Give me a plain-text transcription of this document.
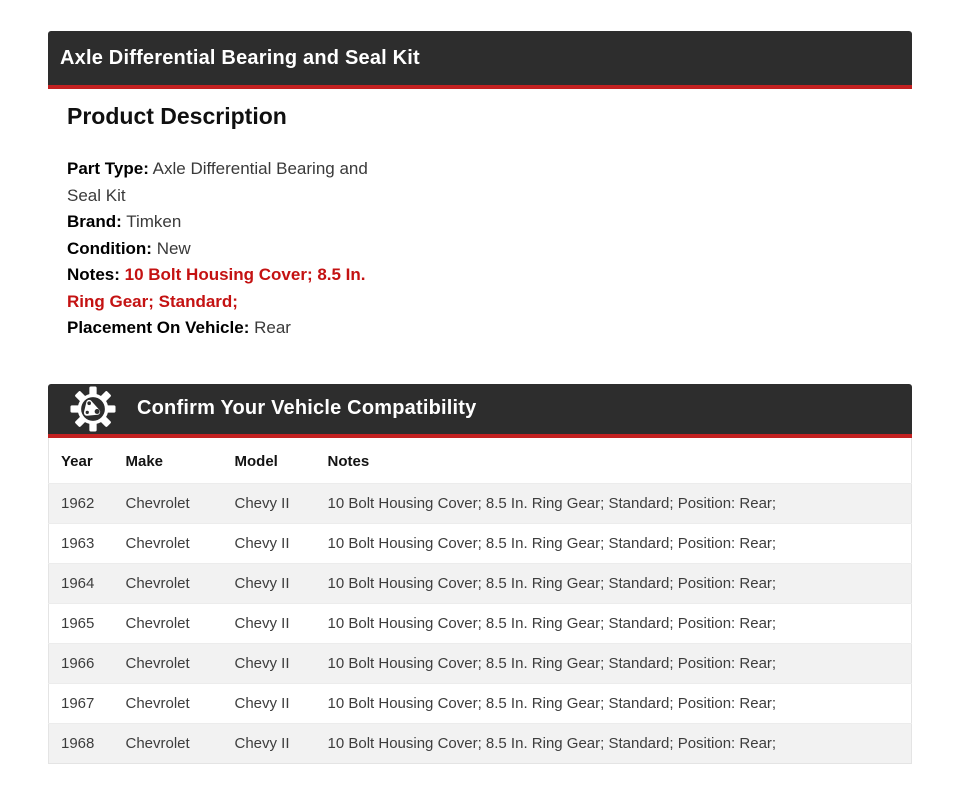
Axle Differential Bearing and Seal Kit
Product Description
Part Type: Axle Differential Bearing and Seal Kit
Brand: Timken
Condition: New
Notes: 10 Bolt Housing Cover; 8.5 In. Ring Gear; Standard;
Placement On Vehicle: Rear
Confirm Your Vehicle Compatibility
Year	Make	Model	Notes
1962	Chevrolet	Chevy II	10 Bolt Housing Cover; 8.5 In. Ring Gear; Standard; Position: Rear;
1963	Chevrolet	Chevy II	10 Bolt Housing Cover; 8.5 In. Ring Gear; Standard; Position: Rear;
1964	Chevrolet	Chevy II	10 Bolt Housing Cover; 8.5 In. Ring Gear; Standard; Position: Rear;
1965	Chevrolet	Chevy II	10 Bolt Housing Cover; 8.5 In. Ring Gear; Standard; Position: Rear;
1966	Chevrolet	Chevy II	10 Bolt Housing Cover; 8.5 In. Ring Gear; Standard; Position: Rear;
1967	Chevrolet	Chevy II	10 Bolt Housing Cover; 8.5 In. Ring Gear; Standard; Position: Rear;
1968	Chevrolet	Chevy II	10 Bolt Housing Cover; 8.5 In. Ring Gear; Standard; Position: Rear;
